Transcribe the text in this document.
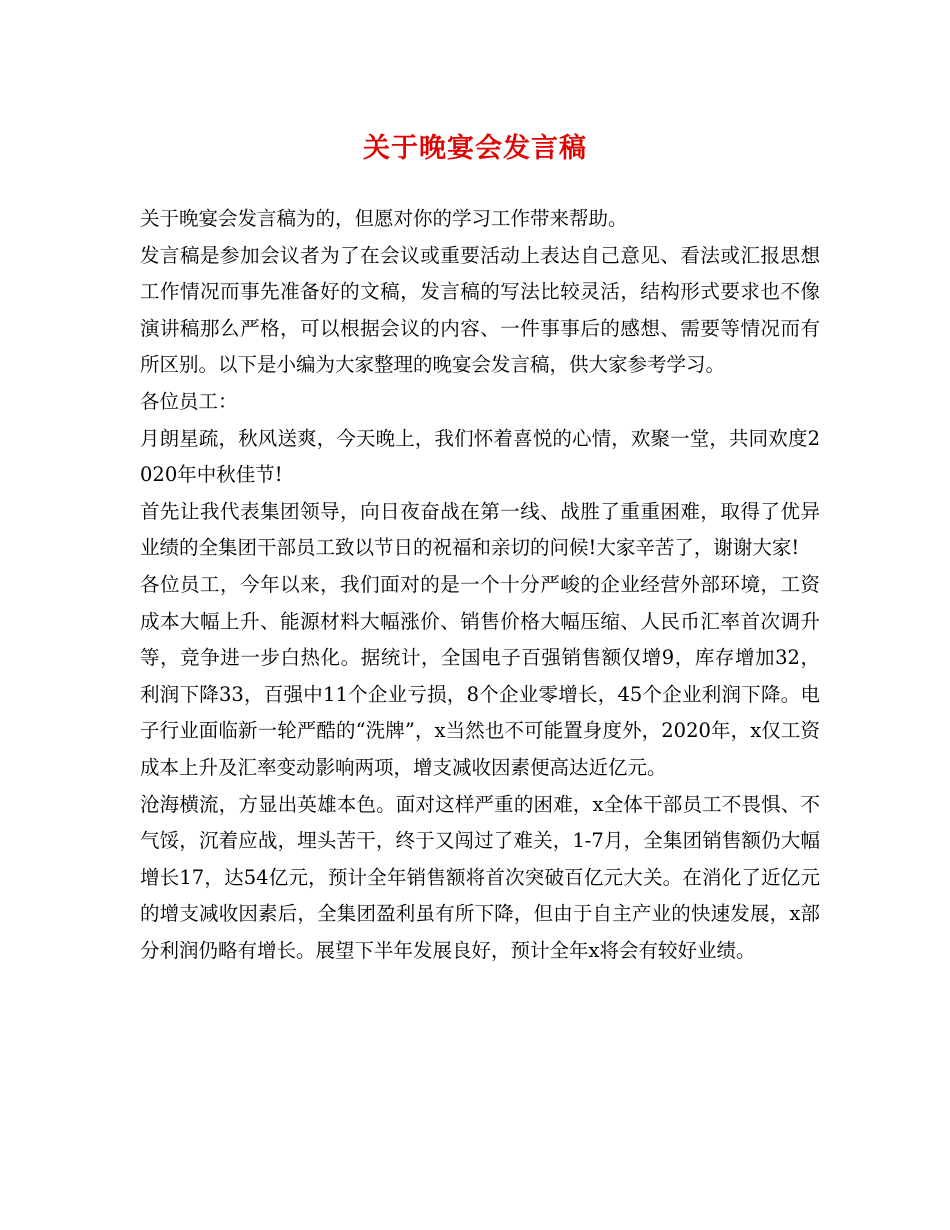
关于晚宴会发言稿

关于晚宴会发言稿为的，但愿对你的学习工作带来帮助。

发言稿是参加会议者为了在会议或重要活动上表达自己意见、看法或汇报思想工作情况而事先准备好的文稿，发言稿的写法比较灵活，结构形式要求也不像演讲稿那么严格，可以根据会议的内容、一件事事后的感想、需要等情况而有所区别。以下是小编为大家整理的晚宴会发言稿，供大家参考学习。

各位员工：

月朗星疏，秋风送爽，今天晚上，我们怀着喜悦的心情，欢聚一堂，共同欢度2020年中秋佳节!

首先让我代表集团领导，向日夜奋战在第一线、战胜了重重困难，取得了优异业绩的全集团干部员工致以节日的祝福和亲切的问候!大家辛苦了，谢谢大家!

各位员工，今年以来，我们面对的是一个十分严峻的企业经营外部环境，工资成本大幅上升、能源材料大幅涨价、销售价格大幅压缩、人民币汇率首次调升等，竞争进一步白热化。据统计，全国电子百强销售额仅增9，库存增加32，利润下降33，百强中11个企业亏损，8个企业零增长，45个企业利润下降。电子行业面临新一轮严酷的“洗牌”，x当然也不可能置身度外，2020年，x仅工资成本上升及汇率变动影响两项，增支减收因素便高达近亿元。

沧海横流，方显出英雄本色。面对这样严重的困难，x全体干部员工不畏惧、不气馁，沉着应战，埋头苦干，终于又闯过了难关，1-7月，全集团销售额仍大幅增长17，达54亿元，预计全年销售额将首次突破百亿元大关。在消化了近亿元的增支减收因素后，全集团盈利虽有所下降，但由于自主产业的快速发展，x部分利润仍略有增长。展望下半年发展良好，预计全年x将会有较好业绩。
